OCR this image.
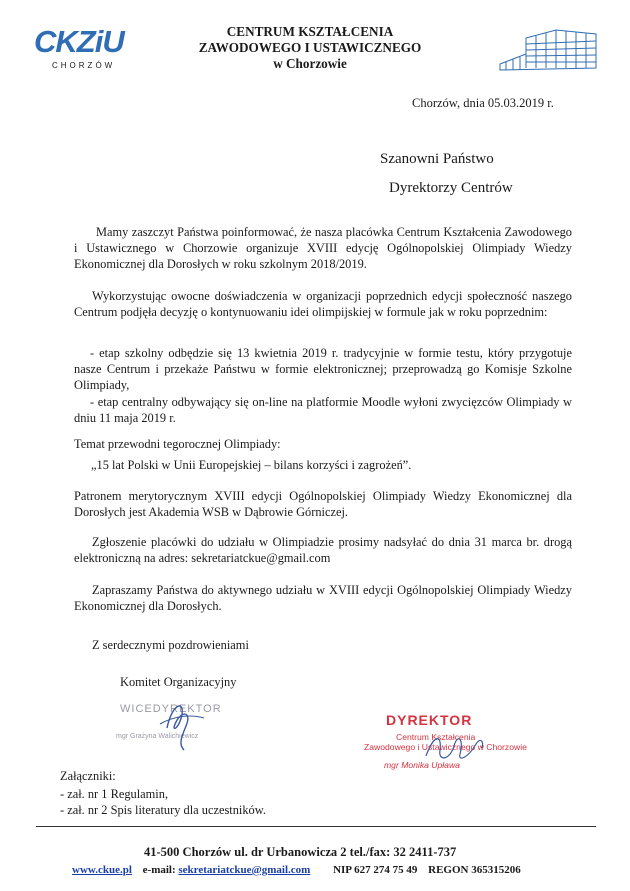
CKZiU
CHORZÓW
CENTRUM KSZTAŁCENIA
ZAWODOWEGO I USTAWICZNEGO
w Chorzowie
Chorzów, dnia 05.03.2019 r.
Szanowni Państwo
Dyrektorzy Centrów
Mamy zaszczyt Państwa poinformować, że nasza placówka Centrum Kształcenia Zawodowego i Ustawicznego w Chorzowie organizuje XVIII edycję Ogólnopolskiej Olimpiady Wiedzy Ekonomicznej dla Dorosłych w roku szkolnym 2018/2019.
Wykorzystując owocne doświadczenia w organizacji poprzednich edycji społeczność naszego Centrum podjęła decyzję o kontynuowaniu idei olimpijskiej w formule jak w roku poprzednim:
- etap szkolny odbędzie się 13 kwietnia 2019 r. tradycyjnie w formie testu, który przygotuje nasze Centrum i przekaże Państwu w formie elektronicznej; przeprowadzą go Komisje Szkolne Olimpiady,
- etap centralny odbywający się on-line na platformie Moodle wyłoni zwycięzców Olimpiady w dniu 11 maja 2019 r.
Temat przewodni tegorocznej Olimpiady:
„15 lat Polski w Unii Europejskiej – bilans korzyści i zagrożeń”.
Patronem merytorycznym XVIII edycji Ogólnopolskiej Olimpiady Wiedzy Ekonomicznej dla Dorosłych jest Akademia WSB w Dąbrowie Górniczej.
Zgłoszenie placówki do udziału w Olimpiadzie prosimy nadsyłać do dnia 31 marca br. drogą elektroniczną na adres: sekretariatckue@gmail.com
Zapraszamy Państwa do aktywnego udziału w XVIII edycji Ogólnopolskiej Olimpiady Wiedzy Ekonomicznej dla Dorosłych.
Z serdecznymi pozdrowieniami
Komitet Organizacyjny
WICEDYREKTOR
mgr Grażyna Walichiewicz
DYREKTOR
Centrum Kształcenia
Zawodowego i Ustawicznego w Chorzowie
mgr Monika Upława
Załączniki:
- zał. nr 1 Regulamin,
- zał. nr 2 Spis literatury dla uczestników.
41-500 Chorzów ul. dr Urbanowicza 2 tel./fax: 32 2411-737
www.ckue.pl e-mail: sekretariatckue@gmail.com NIP 627 274 75 49 REGON 365315206
